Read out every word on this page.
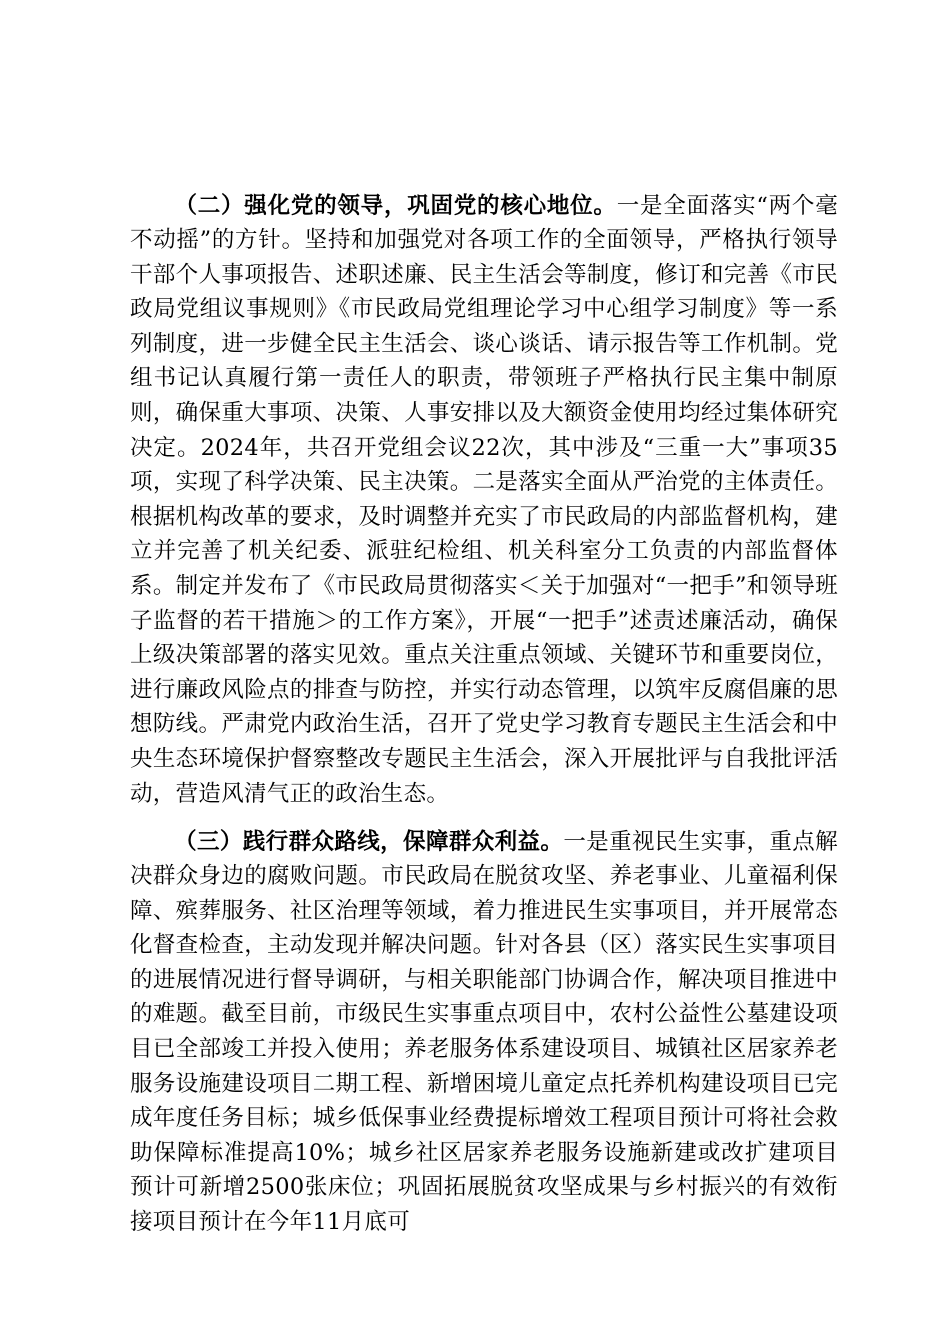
（二）强化党的领导，巩固党的核心地位。一是全面落实“两个毫不动摇”的方针。坚持和加强党对各项工作的全面领导，严格执行领导干部个人事项报告、述职述廉、民主生活会等制度，修订和完善《市民政局党组议事规则》《市民政局党组理论学习中心组学习制度》等一系列制度，进一步健全民主生活会、谈心谈话、请示报告等工作机制。党组书记认真履行第一责任人的职责，带领班子严格执行民主集中制原则，确保重大事项、决策、人事安排以及大额资金使用均经过集体研究决定。2024年，共召开党组会议22次，其中涉及“三重一大”事项35项，实现了科学决策、民主决策。二是落实全面从严治党的主体责任。根据机构改革的要求，及时调整并充实了市民政局的内部监督机构，建立并完善了机关纪委、派驻纪检组、机关科室分工负责的内部监督体系。制定并发布了《市民政局贯彻落实＜关于加强对“一把手”和领导班子监督的若干措施＞的工作方案》，开展“一把手”述责述廉活动，确保上级决策部署的落实见效。重点关注重点领域、关键环节和重要岗位，进行廉政风险点的排查与防控，并实行动态管理，以筑牢反腐倡廉的思想防线。严肃党内政治生活，召开了党史学习教育专题民主生活会和中央生态环境保护督察整改专题民主生活会，深入开展批评与自我批评活动，营造风清气正的政治生态。

（三）践行群众路线，保障群众利益。一是重视民生实事，重点解决群众身边的腐败问题。市民政局在脱贫攻坚、养老事业、儿童福利保障、殡葬服务、社区治理等领域，着力推进民生实事项目，并开展常态化督查检查，主动发现并解决问题。针对各县（区）落实民生实事项目的进展情况进行督导调研，与相关职能部门协调合作，解决项目推进中的难题。截至目前，市级民生实事重点项目中，农村公益性公墓建设项目已全部竣工并投入使用；养老服务体系建设项目、城镇社区居家养老服务设施建设项目二期工程、新增困境儿童定点托养机构建设项目已完成年度任务目标；城乡低保事业经费提标增效工程项目预计可将社会救助保障标准提高10%；城乡社区居家养老服务设施新建或改扩建项目预计可新增2500张床位；巩固拓展脱贫攻坚成果与乡村振兴的有效衔接项目预计在今年11月底可
